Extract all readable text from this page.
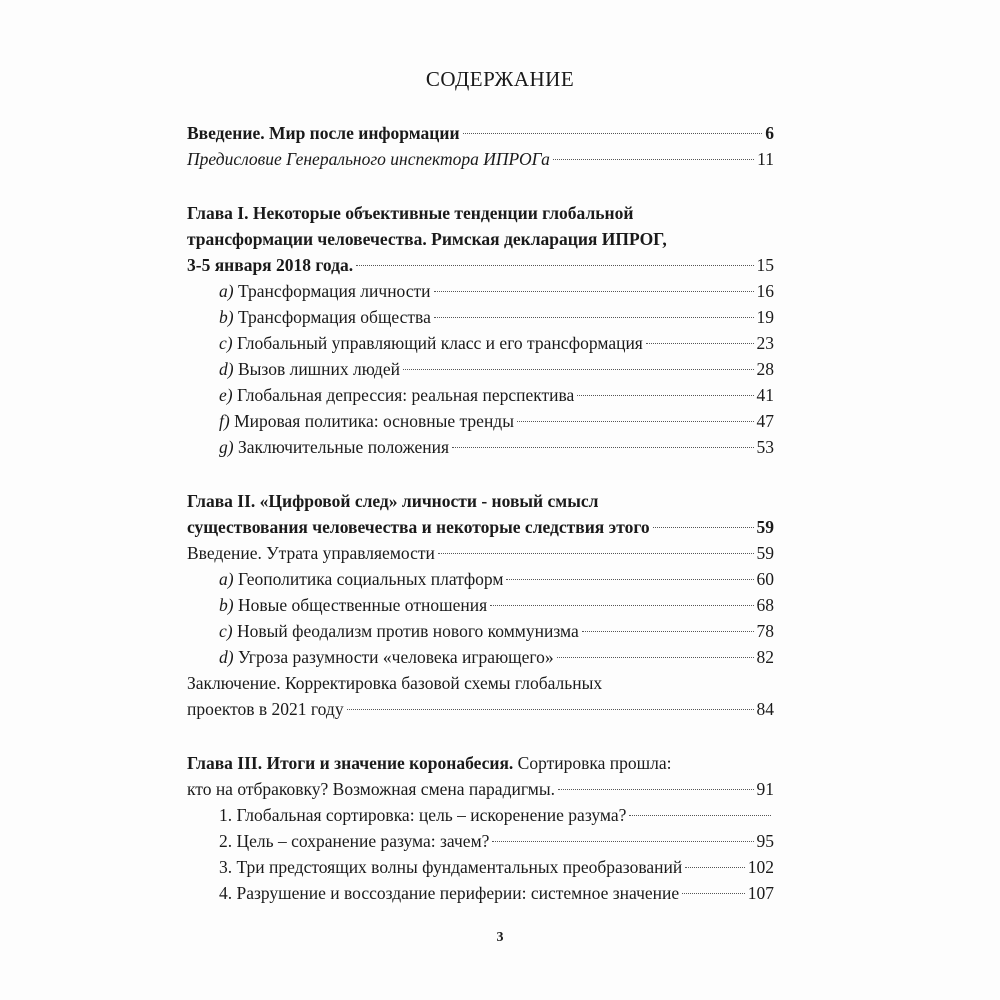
СОДЕРЖАНИЕ
Введение. Мир после информации	6
Предисловие Генерального инспектора ИПРОГа	11
Глава I. Некоторые объективные тенденции глобальной
трансформации человечества. Римская декларация ИПРОГ,
3-5 января 2018 года.	15
a) Трансформация личности	16
b) Трансформация общества	19
c) Глобальный управляющий класс и его трансформация	23
d) Вызов лишних людей	28
e) Глобальная депрессия: реальная перспектива	41
f) Мировая политика: основные тренды	47
g) Заключительные положения	53
Глава II. «Цифровой след» личности - новый смысл
существования человечества и некоторые следствия этого	59
Введение. Утрата управляемости	59
a) Геополитика социальных платформ	60
b) Новые общественные отношения	68
c) Новый феодализм против нового коммунизма	78
d) Угроза разумности «человека играющего»	82
Заключение. Корректировка базовой схемы глобальных
проектов в 2021 году	84
Глава III. Итоги и значение коронабесия. Сортировка прошла:
кто на отбраковку? Возможная смена парадигмы.	91
1. Глобальная сортировка: цель – искоренение разума?
2. Цель – сохранение разума: зачем?	95
3. Три предстоящих волны фундаментальных преобразований	102
4. Разрушение и воссоздание периферии: системное значение	107
3
